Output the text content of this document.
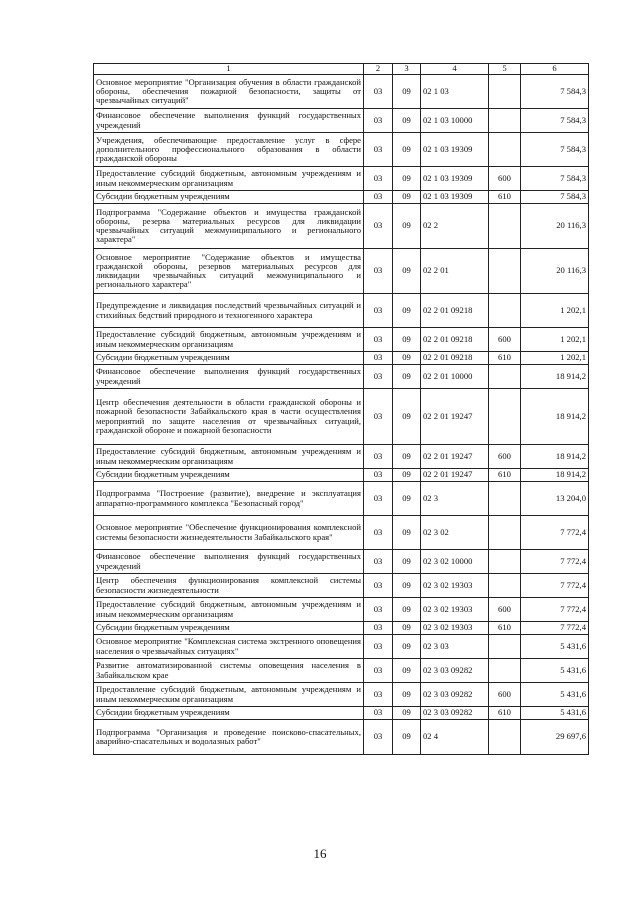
1	2	3	4	5	6
Основное мероприятие "Организация обучения в области гражданской обороны, обеспечения пожарной безопасности, защиты от чрезвычайных ситуаций"	03	09	02 1 03		7 584,3
Финансовое обеспечение выполнения функций государственных учреждений	03	09	02 1 03 10000		7 584,3
Учреждения, обеспечивающие предоставление услуг в сфере дополнительного профессионального образования в области гражданской обороны	03	09	02 1 03 19309		7 584,3
Предоставление субсидий бюджетным, автономным учреждениям и иным некоммерческим организациям	03	09	02 1 03 19309	600	7 584,3
Субсидии бюджетным учреждениям	03	09	02 1 03 19309	610	7 584,3
Подпрограмма "Содержание объектов и имущества гражданской обороны, резерва материальных ресурсов для ликвидации чрезвычайных ситуаций межмуниципального и регионального характера"	03	09	02 2		20 116,3
Основное мероприятие "Содержание объектов и имущества гражданской обороны, резервов материальных ресурсов для ликвидации чрезвычайных ситуаций межмуниципального и регионального характера"	03	09	02 2 01		20 116,3
Предупреждение и ликвидация последствий чрезвычайных ситуаций и стихийных бедствий природного и техногенного характера	03	09	02 2 01 09218		1 202,1
Предоставление субсидий бюджетным, автономным учреждениям и иным некоммерческим организациям	03	09	02 2 01 09218	600	1 202,1
Субсидии бюджетным учреждениям	03	09	02 2 01 09218	610	1 202,1
Финансовое обеспечение выполнения функций государственных учреждений	03	09	02 2 01 10000		18 914,2
Центр обеспечения деятельности в области гражданской обороны и пожарной безопасности Забайкальского края в части осуществления мероприятий по защите населения от чрезвычайных ситуаций, гражданской обороне и пожарной безопасности	03	09	02 2 01 19247		18 914,2
Предоставление субсидий бюджетным, автономным учреждениям и иным некоммерческим организациям	03	09	02 2 01 19247	600	18 914,2
Субсидии бюджетным учреждениям	03	09	02 2 01 19247	610	18 914,2
Подпрограмма "Построение (развитие), внедрение и эксплуатация аппаратно-программного комплекса "Безопасный город"	03	09	02 3		13 204,0
Основное мероприятие "Обеспечение функционирования комплексной системы безопасности жизнедеятельности Забайкальского края"	03	09	02 3 02		7 772,4
Финансовое обеспечение выполнения функций государственных учреждений	03	09	02 3 02 10000		7 772,4
Центр обеспечения функционирования комплексной системы безопасности жизнедеятельности	03	09	02 3 02 19303		7 772,4
Предоставление субсидий бюджетным, автономным учреждениям и иным некоммерческим организациям	03	09	02 3 02 19303	600	7 772,4
Субсидии бюджетным учреждениям	03	09	02 3 02 19303	610	7 772,4
Основное мероприятие "Комплексная система экстренного оповещения населения о чрезвычайных ситуациях"	03	09	02 3 03		5 431,6
Развитие автоматизированной системы оповещения населения в Забайкальском крае	03	09	02 3 03 09282		5 431,6
Предоставление субсидий бюджетным, автономным учреждениям и иным некоммерческим организациям	03	09	02 3 03 09282	600	5 431,6
Субсидии бюджетным учреждениям	03	09	02 3 03 09282	610	5 431,6
Подпрограмма "Организация и проведение поисково-спасательных, аварийно-спасательных и водолазных работ"	03	09	02 4		29 697,6
16
